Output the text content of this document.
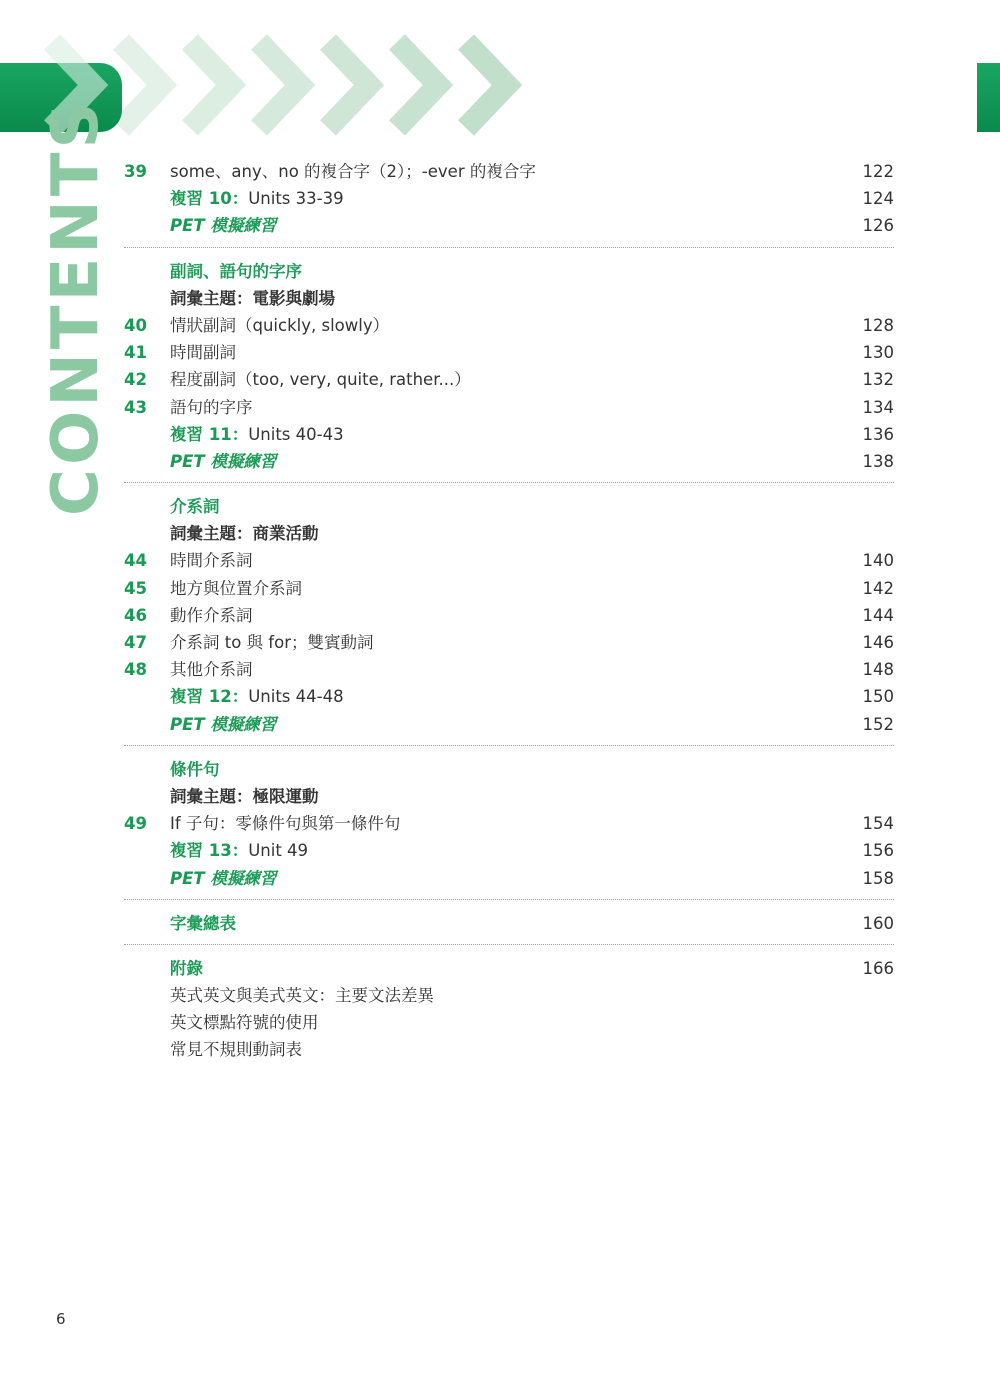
CONTENTS 39 some、any、no 的複合字（2）；-ever 的複合字	122
複習 10：Units 33-39	124
PET 模擬練習	126
副詞、語句的字序
詞彙主題：電影與劇場
40 情狀副詞（quickly, slowly）	128
41 時間副詞	130
42 程度副詞（too, very, quite, rather...）	132
43 語句的字序	134
複習 11：Units 40-43	136
PET 模擬練習	138
介系詞
詞彙主題：商業活動
44 時間介系詞	140
45 地方與位置介系詞	142
46 動作介系詞	144
47 介系詞 to 與 for；雙賓動詞	146
48 其他介系詞	148
複習 12：Units 44-48	150
PET 模擬練習	152
條件句
詞彙主題：極限運動
49 If 子句：零條件句與第一條件句	154
複習 13：Unit 49	156
PET 模擬練習	158
字彙總表	160
附錄	166
英式英文與美式英文：主要文法差異
英文標點符號的使用
常見不規則動詞表
6
